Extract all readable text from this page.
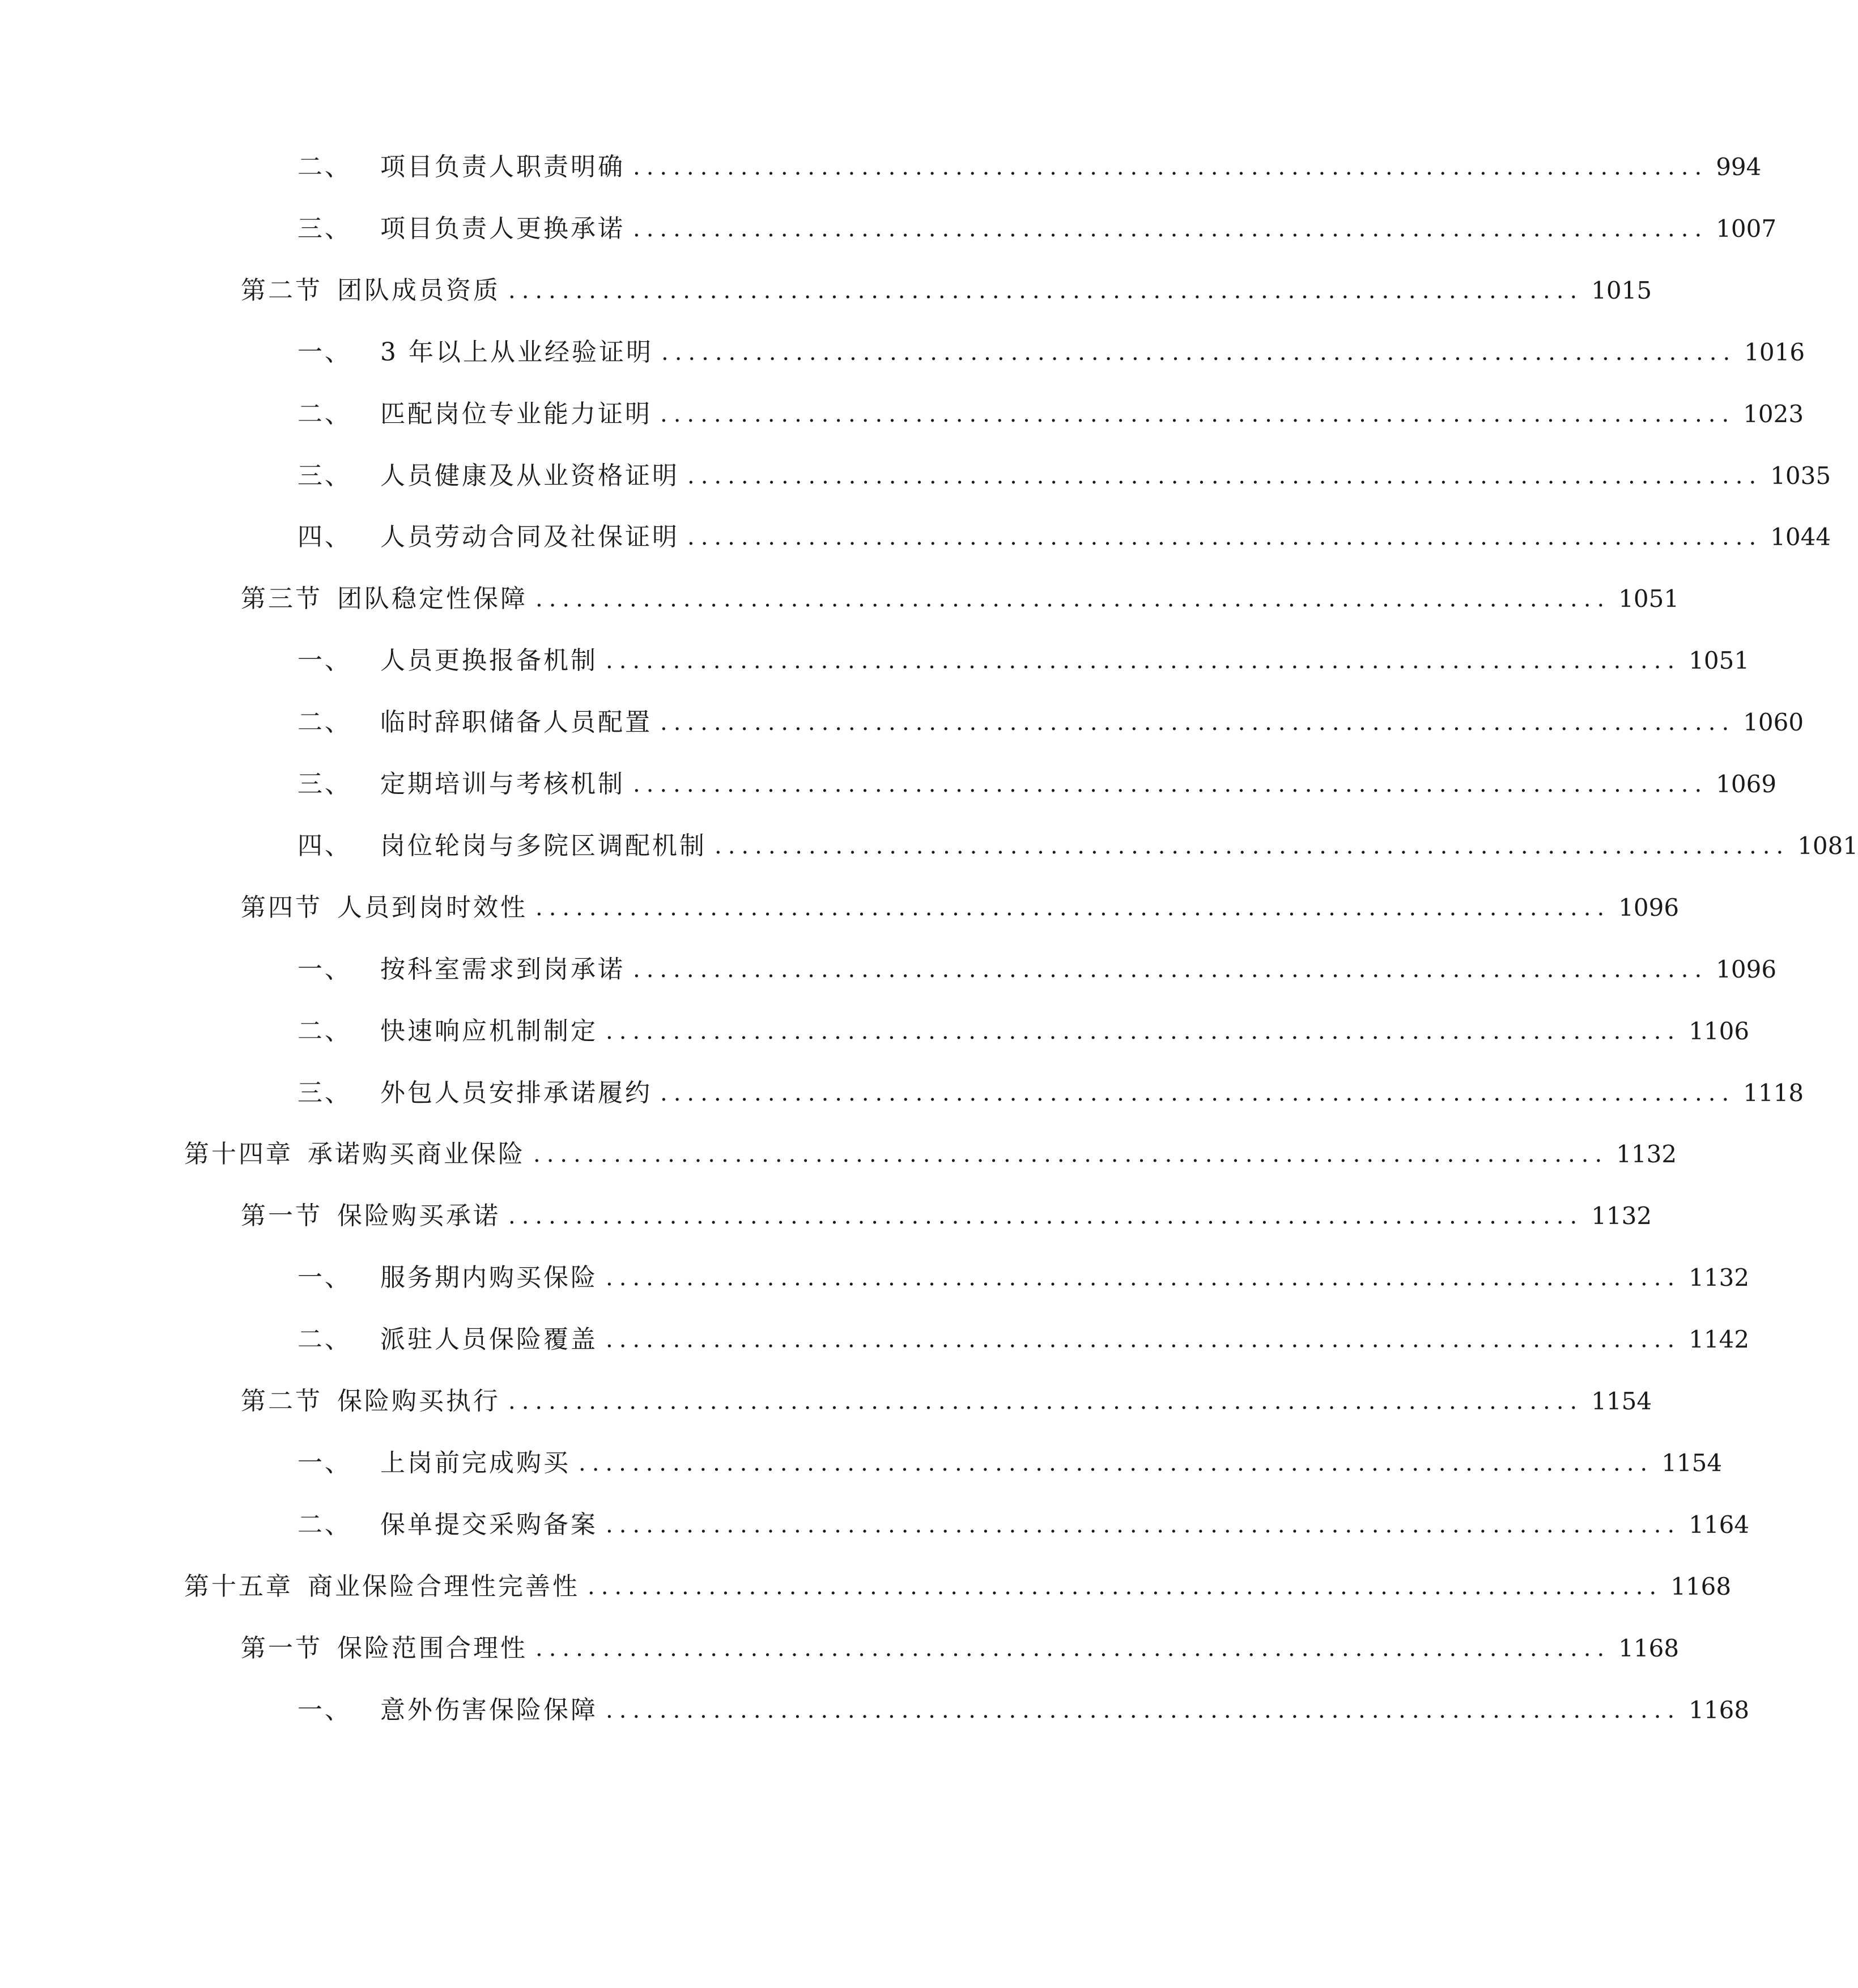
二、 项目负责人职责明确 ................................................................................ 994
三、 项目负责人更换承诺 ................................................................................ 1007
第二节 团队成员资质 ................................................................................ 1015
一、 3 年以上从业经验证明 ................................................................................ 1016
二、 匹配岗位专业能力证明 ................................................................................ 1023
三、 人员健康及从业资格证明 ................................................................................ 1035
四、 人员劳动合同及社保证明 ................................................................................ 1044
第三节 团队稳定性保障 ................................................................................ 1051
一、 人员更换报备机制 ................................................................................ 1051
二、 临时辞职储备人员配置 ................................................................................ 1060
三、 定期培训与考核机制 ................................................................................ 1069
四、 岗位轮岗与多院区调配机制 ................................................................................ 1081
第四节 人员到岗时效性 ................................................................................ 1096
一、 按科室需求到岗承诺 ................................................................................ 1096
二、 快速响应机制制定 ................................................................................ 1106
三、 外包人员安排承诺履约 ................................................................................ 1118
第十四章 承诺购买商业保险 ................................................................................ 1132
第一节 保险购买承诺 ................................................................................ 1132
一、 服务期内购买保险 ................................................................................ 1132
二、 派驻人员保险覆盖 ................................................................................ 1142
第二节 保险购买执行 ................................................................................ 1154
一、 上岗前完成购买 ................................................................................ 1154
二、 保单提交采购备案 ................................................................................ 1164
第十五章 商业保险合理性完善性 ................................................................................ 1168
第一节 保险范围合理性 ................................................................................ 1168
一、 意外伤害保险保障 ................................................................................ 1168
